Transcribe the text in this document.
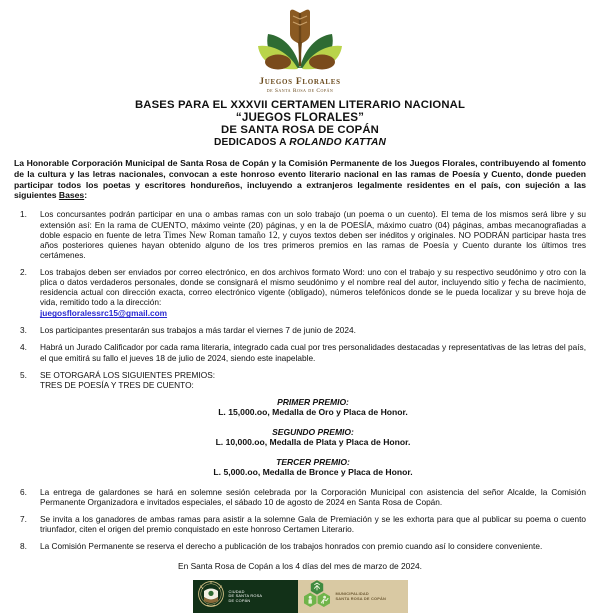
Juegos Florales
de Santa Rosa de Copán
BASES PARA EL XXXVII CERTAMEN LITERARIO NACIONAL
“JUEGOS FLORALES”
DE SANTA ROSA DE COPÁN
DEDICADOS A ROLANDO KATTAN

La Honorable Corporación Municipal de Santa Rosa de Copán y la Comisión Permanente de los Juegos Florales, contribuyendo al fomento de la cultura y las letras nacionales, convocan a este honroso evento literario nacional en las ramas de Poesía y Cuento, donde pueden participar todos los poetas y escritores hondureños, incluyendo a extranjeros legalmente residentes en el país, con sujeción a las siguientes Bases:

1.	Los concursantes podrán participar en una o ambas ramas con un solo trabajo (un poema o un cuento). El tema de los mismos será libre y su extensión así: En la rama de CUENTO, máximo veinte (20) páginas, y en la de POESÍA, máximo cuatro (04) páginas, ambas mecanografiadas a doble espacio en fuente de letra Times New Roman tamaño 12, y cuyos textos deben ser inéditos y originales. NO PODRÁN participar hasta tres años posteriores quienes hayan obtenido alguno de los tres primeros premios en las ramas de Poesía y Cuento durante los últimos tres certámenes.
2.	Los trabajos deben ser enviados por correo electrónico, en dos archivos formato Word: uno con el trabajo y su respectivo seudónimo y otro con la plica o datos verdaderos personales, donde se consignará el mismo seudónimo y el nombre real del autor, incluyendo sitio y fecha de nacimiento, residencia actual con dirección exacta, correo electrónico vigente (obligado), números telefónicos donde se le pueda localizar y su breve hoja de vida, remitido todo a la dirección:
juegosfloralessrc15@gmail.com
3.	Los participantes presentarán sus trabajos a más tardar el viernes 7 de junio de 2024.
4.	Habrá un Jurado Calificador por cada rama literaria, integrado cada cual por tres personalidades destacadas y representativas de las letras del país, el que emitirá su fallo el jueves 18 de julio de 2024, siendo este inapelable.
5.	SE OTORGARÁ LOS SIGUIENTES PREMIOS:
TRES DE POESÍA Y TRES DE CUENTO:
PRIMER PREMIO:
L. 15,000.oo, Medalla de Oro y Placa de Honor.
SEGUNDO PREMIO:
L. 10,000.oo, Medalla de Plata y Placa de Honor.
TERCER PREMIO:
L. 5,000.oo, Medalla de Bronce y Placa de Honor.
6.	La entrega de galardones se hará en solemne sesión celebrada por la Corporación Municipal con asistencia del señor Alcalde, la Comisión Permanente Organizadora e invitados especiales, el sábado 10 de agosto de 2024 en Santa Rosa de Copán.
7.	Se invita a los ganadores de ambas ramas para asistir a la solemne Gala de Premiación y se les exhorta para que al publicar su poema o cuento triunfador, citen el origen del premio conquistado en este honroso Certamen Literario.
8.	La Comisión Permanente se reserva el derecho a publicación de los trabajos honrados con premio cuando así lo considere conveniente.
En Santa Rosa de Copán a los 4 días del mes de marzo de 2024.
CIUDAD
DE SANTA ROSA
DE COPÁN
MUNICIPALIDAD
SANTA ROSA DE COPÁN
